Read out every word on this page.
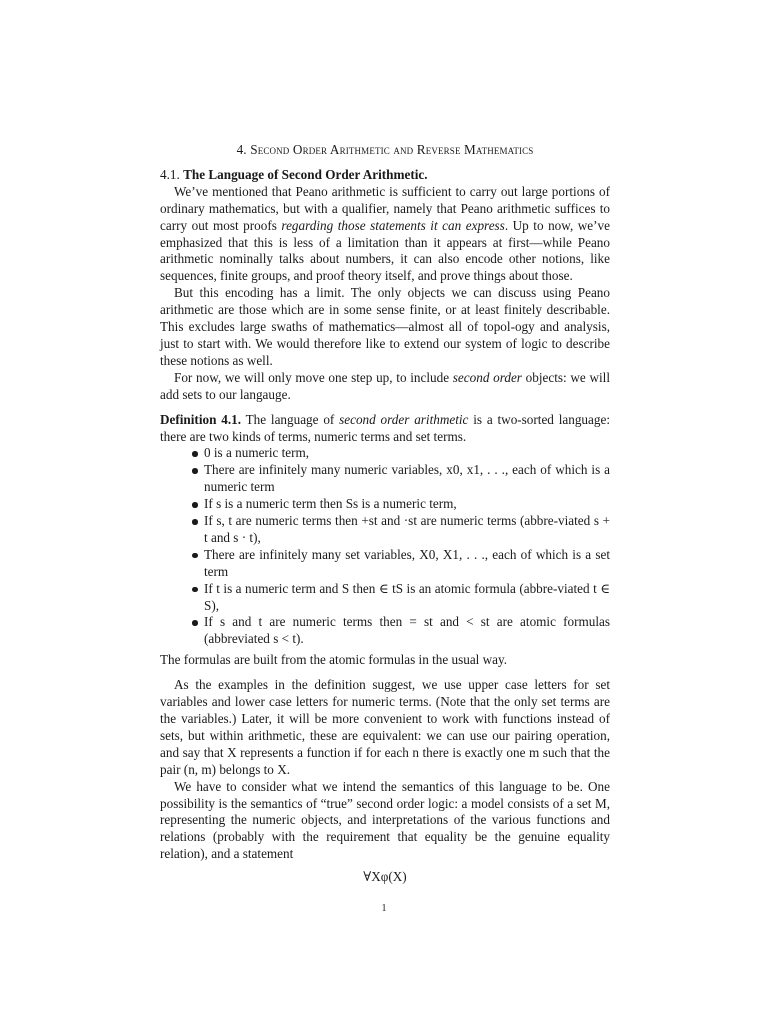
4. Second Order Arithmetic and Reverse Mathematics
4.1. The Language of Second Order Arithmetic.

We’ve mentioned that Peano arithmetic is sufficient to carry out large portions of ordinary mathematics, but with a qualifier, namely that Peano arithmetic suffices to carry out most proofs regarding those statements it can express. Up to now, we’ve emphasized that this is less of a limitation than it appears at first—while Peano arithmetic nominally talks about numbers, it can also encode other notions, like sequences, finite groups, and proof theory itself, and prove things about those.

But this encoding has a limit. The only objects we can discuss using Peano arithmetic are those which are in some sense finite, or at least finitely describable. This excludes large swaths of mathematics—almost all of topol-ogy and analysis, just to start with. We would therefore like to extend our system of logic to describe these notions as well.

For now, we will only move one step up, to include second order objects: we will add sets to our langauge.

Definition 4.1. The language of second order arithmetic is a two-sorted language: there are two kinds of terms, numeric terms and set terms.

0 is a numeric term,
There are infinitely many numeric variables, x0, x1, . . ., each of which is a numeric term
If s is a numeric term then Ss is a numeric term,
If s, t are numeric terms then +st and ·st are numeric terms (abbre-viated s + t and s · t),
There are infinitely many set variables, X0, X1, . . ., each of which is a set term
If t is a numeric term and S then ∈ tS is an atomic formula (abbre-viated t ∈ S),
If s and t are numeric terms then = st and < st are atomic formulas (abbreviated s < t).

The formulas are built from the atomic formulas in the usual way.

As the examples in the definition suggest, we use upper case letters for set variables and lower case letters for numeric terms. (Note that the only set terms are the variables.) Later, it will be more convenient to work with functions instead of sets, but within arithmetic, these are equivalent: we can use our pairing operation, and say that X represents a function if for each n there is exactly one m such that the pair (n, m) belongs to X.

We have to consider what we intend the semantics of this language to be. One possibility is the semantics of “true” second order logic: a model consists of a set M, representing the numeric objects, and interpretations of the various functions and relations (probably with the requirement that equality be the genuine equality relation), and a statement

∀Xφ(X)

1
